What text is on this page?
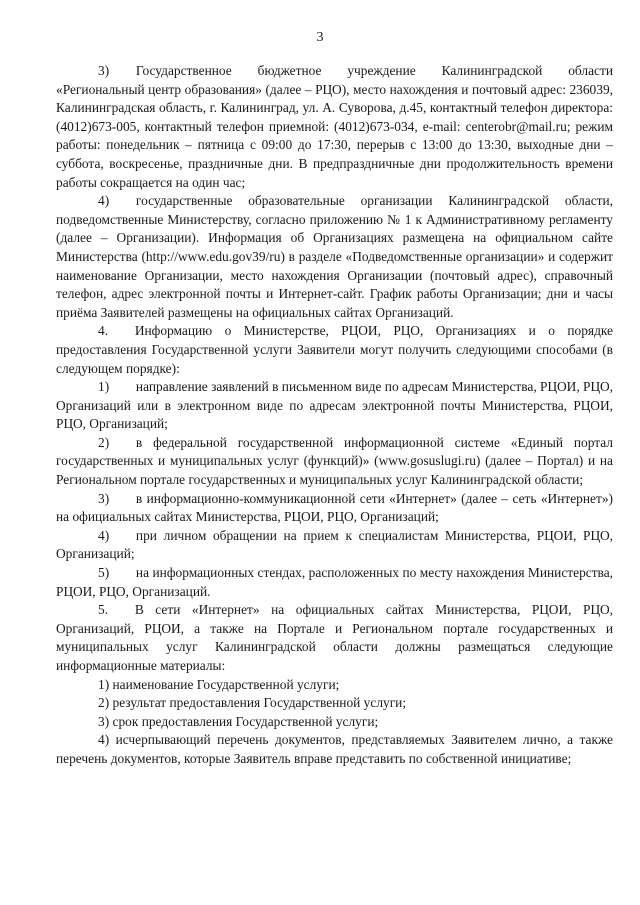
3

3)  Государственное бюджетное учреждение Калининградской области «Региональный центр образования» (далее – РЦО), место нахождения и почтовый адрес: 236039, Калининградская область, г. Калининград, ул. А. Суворова, д.45, контактный телефон директора: (4012)673-005, контактный телефон приемной: (4012)673-034, e-mail: centerobr@mail.ru; режим работы: понедельник – пятница с 09:00 до 17:30, перерыв с 13:00 до 13:30, выходные дни – суббота, воскресенье, праздничные дни. В предпраздничные дни продолжительность времени работы сокращается на один час;

4)  государственные образовательные организации Калининградской области, подведомственные Министерству, согласно приложению № 1 к Административному регламенту (далее – Организации). Информация об Организациях размещена на официальном сайте Министерства (http://www.edu.gov39/ru) в разделе «Подведомственные организации» и содержит наименование Организации, место нахождения Организации (почтовый адрес), справочный телефон, адрес электронной почты и Интернет-сайт. График работы Организации; дни и часы приёма Заявителей размещены на официальных сайтах Организаций.

4.  Информацию о Министерстве, РЦОИ, РЦО, Организациях и о порядке предоставления Государственной услуги Заявители могут получить следующими способами (в следующем порядке):

1)  направление заявлений в письменном виде по адресам Министерства, РЦОИ, РЦО, Организаций или в электронном виде по адресам электронной почты Министерства, РЦОИ, РЦО, Организаций;

2)  в федеральной государственной информационной системе «Единый портал государственных и муниципальных услуг (функций)» (www.gosuslugi.ru) (далее – Портал) и на Региональном портале государственных и муниципальных услуг Калининградской области;

3)  в информационно-коммуникационной сети «Интернет» (далее – сеть «Интернет») на официальных сайтах Министерства, РЦОИ, РЦО, Организаций;

4)  при личном обращении на прием к специалистам Министерства, РЦОИ, РЦО, Организаций;

5)  на информационных стендах, расположенных по месту нахождения Министерства, РЦОИ, РЦО, Организаций.

5.  В сети «Интернет» на официальных сайтах Министерства, РЦОИ, РЦО, Организаций, РЦОИ, а также на Портале и Региональном портале государственных и муниципальных услуг Калининградской области должны размещаться следующие информационные материалы:

1) наименование Государственной услуги;

2) результат предоставления Государственной услуги;

3) срок предоставления Государственной услуги;

4) исчерпывающий перечень документов, представляемых Заявителем лично, а также перечень документов, которые Заявитель вправе представить по собственной инициативе;
